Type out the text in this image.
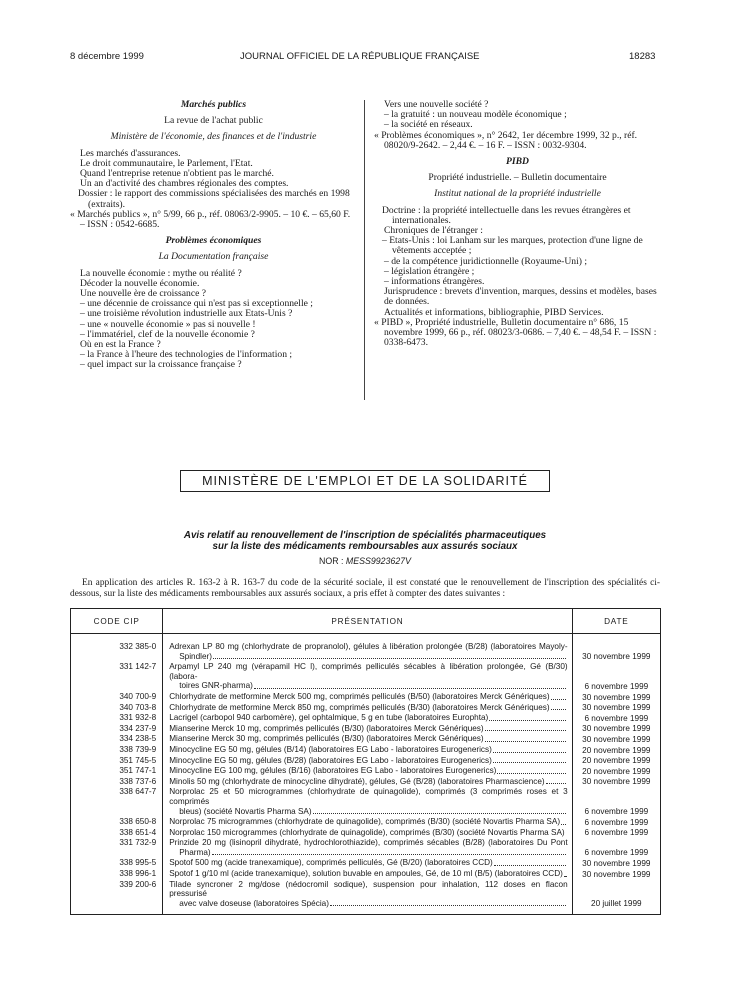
8 décembre 1999	JOURNAL OFFICIEL DE LA RÉPUBLIQUE FRANÇAISE	18283
Marchés publics
La revue de l'achat public
Ministère de l'économie, des finances et de l'industrie
Les marchés d'assurances.
Le droit communautaire, le Parlement, l'Etat.
Quand l'entreprise retenue n'obtient pas le marché.
Un an d'activité des chambres régionales des comptes.
Dossier : le rapport des commissions spécialisées des marchés en 1998 (extraits).
« Marchés publics », n° 5/99, 66 p., réf. 08063/2-9905. – 10 €. – 65,60 F. – ISSN : 0542-6685.
Problèmes économiques
La Documentation française
La nouvelle économie : mythe ou réalité ?
Décoder la nouvelle économie.
Une nouvelle ère de croissance ?
– une décennie de croissance qui n'est pas si exceptionnelle ;
– une troisième révolution industrielle aux Etats-Unis ?
– une « nouvelle économie » pas si nouvelle !
– l'immatériel, clef de la nouvelle économie ?
Où en est la France ?
– la France à l'heure des technologies de l'information ;
– quel impact sur la croissance française ?
Vers une nouvelle société ?
– la gratuité : un nouveau modèle économique ;
– la société en réseaux.
« Problèmes économiques », n° 2642, 1er décembre 1999, 32 p., réf. 08020/9-2642. – 2,44 €. – 16 F. – ISSN : 0032-9304.
PIBD
Propriété industrielle. – Bulletin documentaire
Institut national de la propriété industrielle
Doctrine : la propriété intellectuelle dans les revues étrangères et internationales.
Chroniques de l'étranger :
– Etats-Unis : loi Lanham sur les marques, protection d'une ligne de vêtements acceptée ;
– de la compétence juridictionnelle (Royaume-Uni) ;
– législation étrangère ;
– informations étrangères.
Jurisprudence : brevets d'invention, marques, dessins et modèles, bases de données.
Actualités et informations, bibliographie, PIBD Services.
« PIBD », Propriété industrielle, Bulletin documentaire n° 686, 15 novembre 1999, 66 p., réf. 08023/3-0686. – 7,40 €. – 48,54 F. – ISSN : 0338-6473.
MINISTÈRE DE L'EMPLOI ET DE LA SOLIDARITÉ
Avis relatif au renouvellement de l'inscription de spécialités pharmaceutiques
sur la liste des médicaments remboursables aux assurés sociaux
NOR : MESS9923627V
En application des articles R. 163-2 à R. 163-7 du code de la sécurité sociale, il est constaté que le renouvellement de l'inscription des spécialités ci-dessous, sur la liste des médicaments remboursables aux assurés sociaux, a pris effet à compter des dates suivantes :
CODE CIP	PRÉSENTATION	DATE
332 385-0	Adrexan LP 80 mg (chlorhydrate de propranolol), gélules à libération prolongée (B/28) (laboratoires Mayoly-
Spindler)	30 novembre 1999
331 142-7	Arpamyl LP 240 mg (vérapamil HC l), comprimés pelliculés sécables à libération prolongée, Gé (B/30) (labora-
toires GNR-pharma)	6 novembre 1999
340 700-9	Chlorhydrate de metformine Merck 500 mg, comprimés pelliculés (B/50) (laboratoires Merck Génériques)	30 novembre 1999
340 703-8	Chlorhydrate de metformine Merck 850 mg, comprimés pelliculés (B/30) (laboratoires Merck Génériques)	30 novembre 1999
331 932-8	Lacrigel (carbopol 940 carbomère), gel ophtalmique, 5 g en tube (laboratoires Europhta)	6 novembre 1999
334 237-9	Mianserine Merck 10 mg, comprimés pelliculés (B/30) (laboratoires Merck Génériques)	30 novembre 1999
334 238-5	Mianserine Merck 30 mg, comprimés pelliculés (B/30) (laboratoires Merck Génériques)	30 novembre 1999
338 739-9	Minocycline EG 50 mg, gélules (B/14) (laboratoires EG Labo - laboratoires Eurogenerics)	20 novembre 1999
351 745-5	Minocycline EG 50 mg, gélules (B/28) (laboratoires EG Labo - laboratoires Eurogenerics)	20 novembre 1999
351 747-1	Minocycline EG 100 mg, gélules (B/16) (laboratoires EG Labo - laboratoires Eurogenerics)	20 novembre 1999
338 737-6	Minolis 50 mg (chlorhydrate de minocycline dihydraté), gélules, Gé (B/28) (laboratoires Pharmascience)	30 novembre 1999
338 647-7	Norprolac 25 et 50 microgrammes (chlorhydrate de quinagolide), comprimés (3 comprimés roses et 3 comprimés
bleus) (société Novartis Pharma SA)	6 novembre 1999
338 650-8	Norprolac 75 microgrammes (chlorhydrate de quinagolide), comprimés (B/30) (société Novartis Pharma SA)	6 novembre 1999
338 651-4	Norprolac 150 microgrammes (chlorhydrate de quinagolide), comprimés (B/30) (société Novartis Pharma SA)	6 novembre 1999
331 732-9	Prinzide 20 mg (lisinopril dihydraté, hydrochlorothiazide), comprimés sécables (B/28) (laboratoires Du Pont
Pharma)	6 novembre 1999
338 995-5	Spotof 500 mg (acide tranexamique), comprimés pelliculés, Gé (B/20) (laboratoires CCD)	30 novembre 1999
338 996-1	Spotof 1 g/10 ml (acide tranexamique), solution buvable en ampoules, Gé, de 10 ml (B/5) (laboratoires CCD)	30 novembre 1999
339 200-6	Tilade syncroner 2 mg/dose (nédocromil sodique), suspension pour inhalation, 112 doses en flacon pressurisé
avec valve doseuse (laboratoires Spécia)	20 juillet 1999
